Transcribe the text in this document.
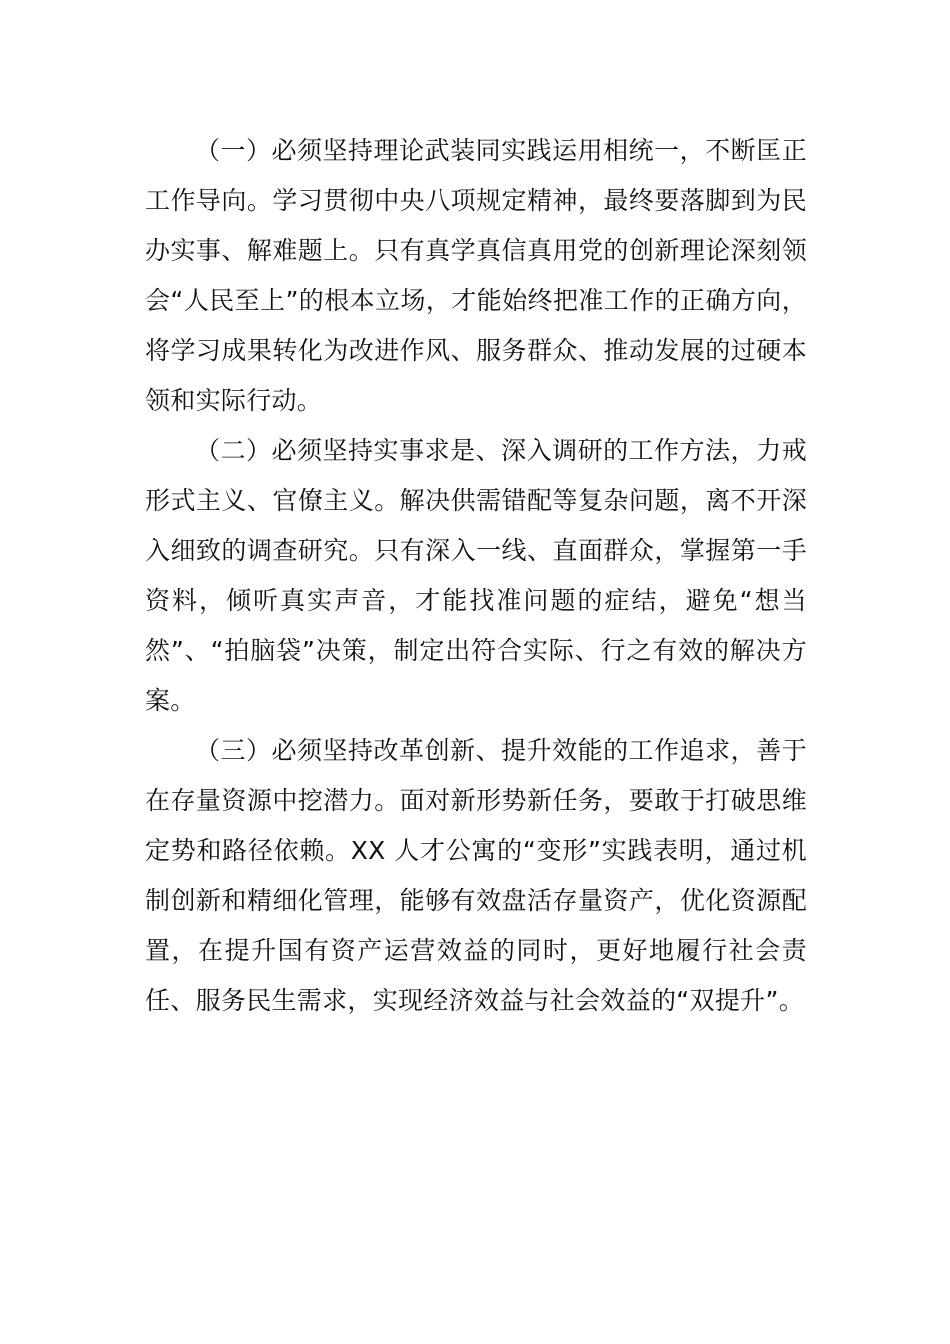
（一）必须坚持理论武装同实践运用相统一，不断匡正工作导向。学习贯彻中央八项规定精神，最终要落脚到为民办实事、解难题上。只有真学真信真用党的创新理论深刻领会“人民至上”的根本立场，才能始终把准工作的正确方向，将学习成果转化为改进作风、服务群众、推动发展的过硬本领和实际行动。

（二）必须坚持实事求是、深入调研的工作方法，力戒形式主义、官僚主义。解决供需错配等复杂问题，离不开深入细致的调查研究。只有深入一线、直面群众，掌握第一手资料，倾听真实声音，才能找准问题的症结，避免“想当然”、“拍脑袋”决策，制定出符合实际、行之有效的解决方案。

（三）必须坚持改革创新、提升效能的工作追求，善于在存量资源中挖潜力。面对新形势新任务，要敢于打破思维定势和路径依赖。XX 人才公寓的“变形”实践表明，通过机制创新和精细化管理，能够有效盘活存量资产，优化资源配置，在提升国有资产运营效益的同时，更好地履行社会责任、服务民生需求，实现经济效益与社会效益的“双提升”。
